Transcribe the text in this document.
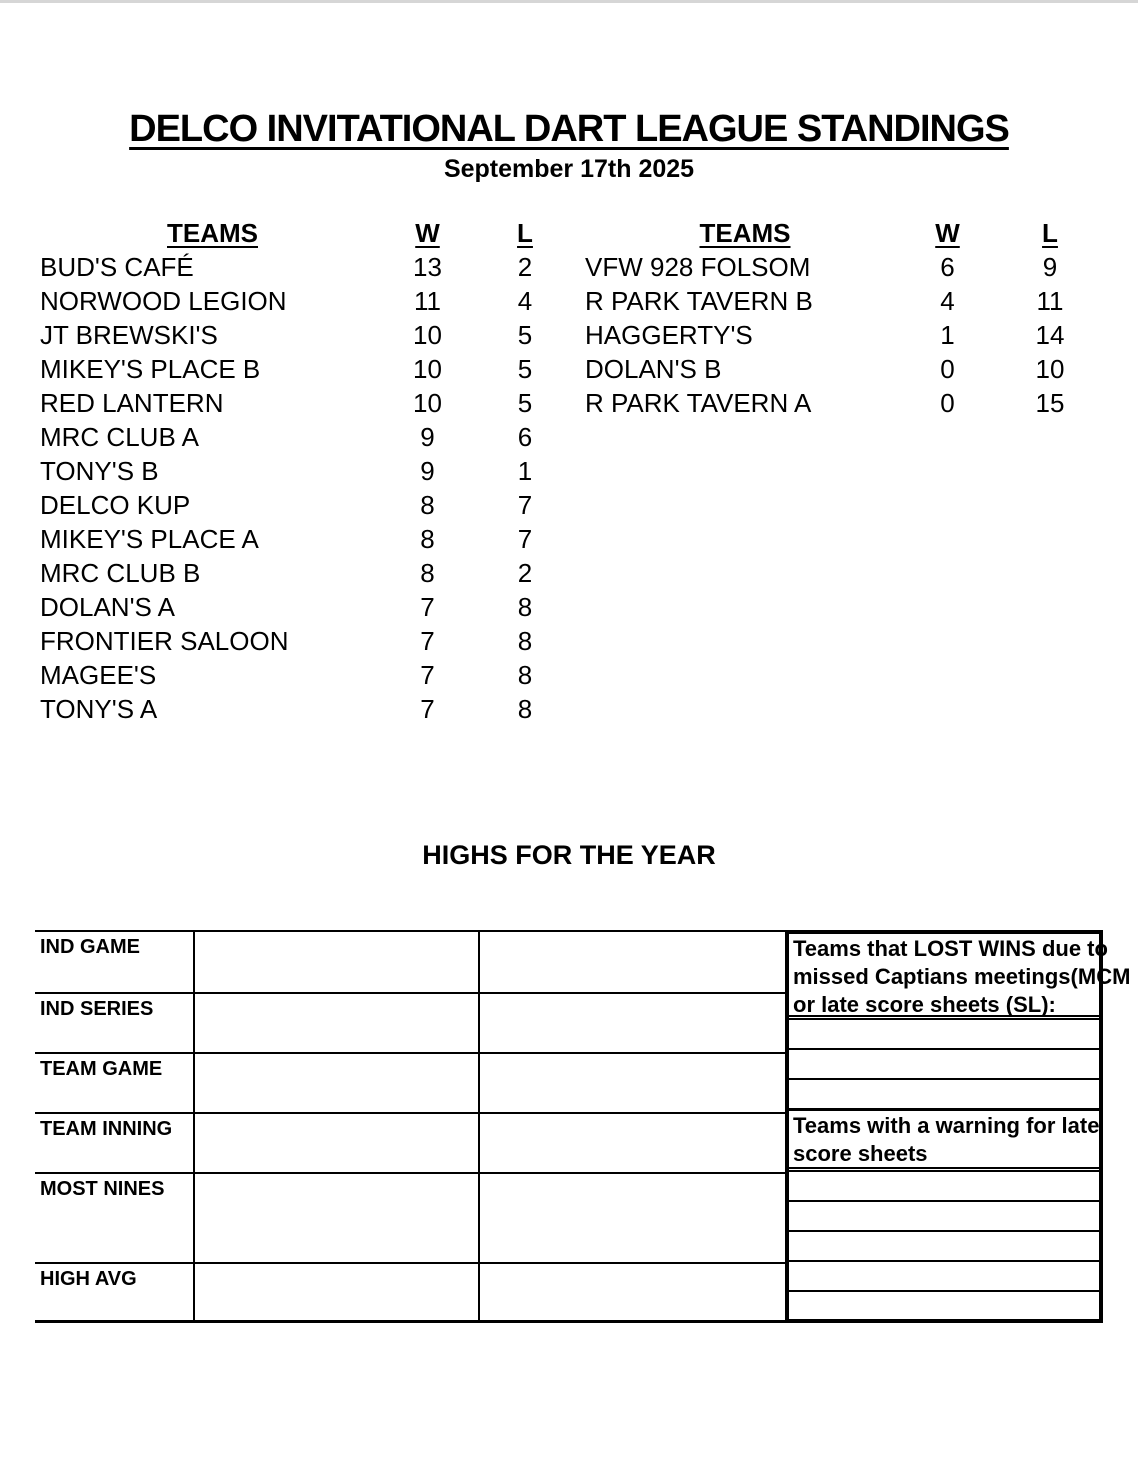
DELCO INVITATIONAL DART LEAGUE STANDINGS
September 17th 2025
TEAMS	W	L
BUD'S CAFÉ	13	2
NORWOOD LEGION	11	4
JT BREWSKI'S	10	5
MIKEY'S PLACE B	10	5
RED LANTERN	10	5
MRC CLUB A	9	6
TONY'S B	9	1
DELCO KUP	8	7
MIKEY'S PLACE A	8	7
MRC CLUB B	8	2
DOLAN'S A	7	8
FRONTIER SALOON	7	8
MAGEE'S	7	8
TONY'S A	7	8
TEAMS	W	L
VFW 928 FOLSOM	6	9
R PARK TAVERN B	4	11
HAGGERTY'S	1	14
DOLAN'S B	0	10
R PARK TAVERN A	0	15
HIGHS FOR THE YEAR
IND GAME
IND SERIES
TEAM GAME
TEAM INNING
MOST NINES
HIGH AVG
Teams that LOST WINS due to
missed Captians meetings(MCM
or late score sheets (SL):
Teams with a warning for late
score sheets
